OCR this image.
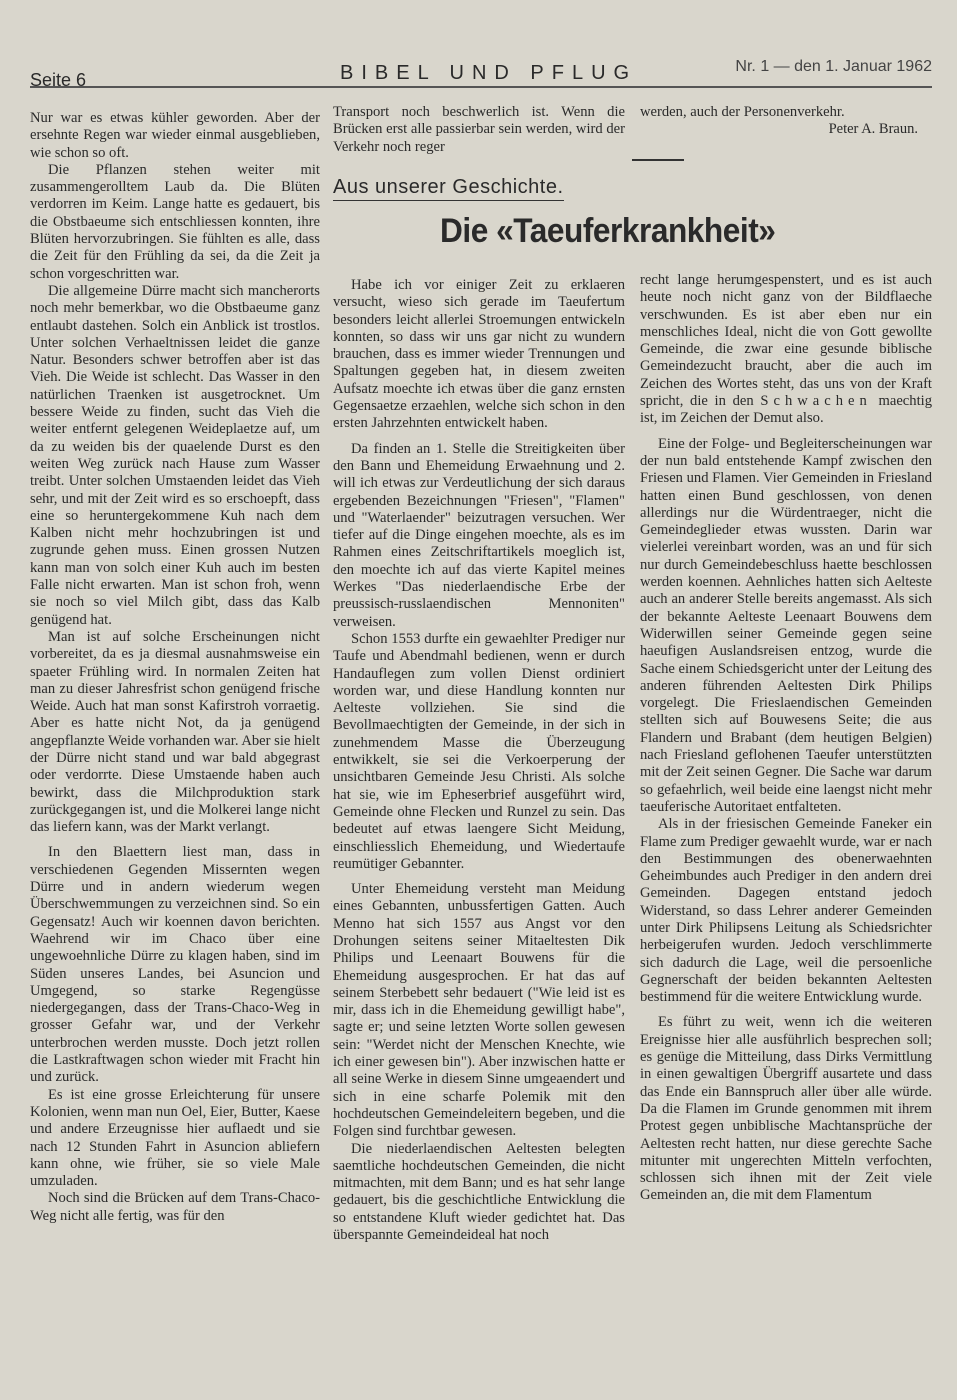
Seite 6	BIBEL UND PFLUG	Nr. 1 — den 1. Januar 1962

Nur war es etwas kühler geworden. Aber der ersehnte Regen war wieder einmal ausgeblieben, wie schon so oft.

Die Pflanzen stehen weiter mit zusammengerolltem Laub da. Die Blüten verdorren im Keim. Lange hatte es gedauert, bis die Obstbaeume sich entschliessen konnten, ihre Blüten hervorzubringen. Sie fühlten es alle, dass die Zeit für den Frühling da sei, da die Zeit ja schon vorgeschritten war.

Die allgemeine Dürre macht sich mancherorts noch mehr bemerkbar, wo die Obstbaeume ganz entlaubt dastehen. Solch ein Anblick ist trostlos. Unter solchen Verhaeltnissen leidet die ganze Natur. Besonders schwer betroffen aber ist das Vieh. Die Weide ist schlecht. Das Wasser in den natürlichen Traenken ist ausgetrocknet. Um bessere Weide zu finden, sucht das Vieh die weiter entfernt gelegenen Weideplaetze auf, um da zu weiden bis der quaelende Durst es den weiten Weg zurück nach Hause zum Wasser treibt. Unter solchen Umstaenden leidet das Vieh sehr, und mit der Zeit wird es so erschoepft, dass eine so heruntergekommene Kuh nach dem Kalben nicht mehr hochzubringen ist und zugrunde gehen muss. Einen grossen Nutzen kann man von solch einer Kuh auch im besten Falle nicht erwarten. Man ist schon froh, wenn sie noch so viel Milch gibt, dass das Kalb genügend hat.

Man ist auf solche Erscheinungen nicht vorbereitet, da es ja diesmal ausnahmsweise ein spaeter Frühling wird. In normalen Zeiten hat man zu dieser Jahresfrist schon genügend frische Weide. Auch hat man sonst Kafirstroh vorraetig. Aber es hatte nicht Not, da ja genügend angepflanzte Weide vorhanden war. Aber sie hielt der Dürre nicht stand und war bald abgegrast oder verdorrte. Diese Umstaende haben auch bewirkt, dass die Milchproduktion stark zurückgegangen ist, und die Molkerei lange nicht das liefern kann, was der Markt verlangt.

In den Blaettern liest man, dass in verschiedenen Gegenden Missernten wegen Dürre und in andern wiederum wegen Überschwemmungen zu verzeichnen sind. So ein Gegensatz! Auch wir koennen davon berichten. Waehrend wir im Chaco über eine ungewoehnliche Dürre zu klagen haben, sind im Süden unseres Landes, bei Asuncion und Umgegend, so starke Regengüsse niedergegangen, dass der Trans-Chaco-Weg in grosser Gefahr war, und der Verkehr unterbrochen werden musste. Doch jetzt rollen die Lastkraftwagen schon wieder mit Fracht hin und zurück.

Es ist eine grosse Erleichterung für unsere Kolonien, wenn man nun Oel, Eier, Butter, Kaese und andere Erzeugnisse hier auflaedt und sie nach 12 Stunden Fahrt in Asuncion abliefern kann ohne, wie früher, sie so viele Male umzuladen.

Noch sind die Brücken auf dem Trans-Chaco-Weg nicht alle fertig, was für den

Transport noch beschwerlich ist. Wenn die Brücken erst alle passierbar sein werden, wird der Verkehr noch reger

werden, auch der Personenverkehr.

Peter A. Braun.

Aus unserer Geschichte.
Die «Taeuferkrankheit»

Habe ich vor einiger Zeit zu erklaeren versucht, wieso sich gerade im Taeufertum besonders leicht allerlei Stroemungen entwickeln konnten, so dass wir uns gar nicht zu wundern brauchen, dass es immer wieder Trennungen und Spaltungen gegeben hat, in diesem zweiten Aufsatz moechte ich etwas über die ganz ernsten Gegensaetze erzaehlen, welche sich schon in den ersten Jahrzehnten entwickelt haben.

Da finden an 1. Stelle die Streitigkeiten über den Bann und Ehemeidung Erwaehnung und 2. will ich etwas zur Verdeutlichung der sich daraus ergebenden Bezeichnungen "Friesen", "Flamen" und "Waterlaender" beizutragen versuchen. Wer tiefer auf die Dinge eingehen moechte, als es im Rahmen eines Zeitschriftartikels moeglich ist, den moechte ich auf das vierte Kapitel meines Werkes "Das niederlaendische Erbe der preussisch-russlaendischen Mennoniten" verweisen.

Schon 1553 durfte ein gewaehlter Prediger nur Taufe und Abendmahl bedienen, wenn er durch Handauflegen zum vollen Dienst ordiniert worden war, und diese Handlung konnten nur Aelteste vollziehen. Sie sind die Bevollmaechtigten der Gemeinde, in der sich in zunehmendem Masse die Überzeugung entwikkelt, sie sei die Verkoerperung der unsichtbaren Gemeinde Jesu Christi. Als solche hat sie, wie im Epheserbrief ausgeführt wird, Gemeinde ohne Flecken und Runzel zu sein. Das bedeutet auf etwas laengere Sicht Meidung, einschliesslich Ehemeidung, und Wiedertaufe reumütiger Gebannter.

Unter Ehemeidung versteht man Meidung eines Gebannten, unbussfertigen Gatten. Auch Menno hat sich 1557 aus Angst vor den Drohungen seitens seiner Mitaeltesten Dik Philips und Leenaart Bouwens für die Ehemeidung ausgesprochen. Er hat das auf seinem Sterbebett sehr bedauert ("Wie leid ist es mir, dass ich in die Ehemeidung gewilligt habe", sagte er; und seine letzten Worte sollen gewesen sein: "Werdet nicht der Menschen Knechte, wie ich einer gewesen bin"). Aber inzwischen hatte er all seine Werke in diesem Sinne umgeaendert und sich in eine scharfe Polemik mit den hochdeutschen Gemeindeleitern begeben, und die Folgen sind furchtbar gewesen.

Die niederlaendischen Aeltesten belegten saemtliche hochdeutschen Gemeinden, die nicht mitmachten, mit dem Bann; und es hat sehr lange gedauert, bis die geschichtliche Entwicklung die so entstandene Kluft wieder gedichtet hat. Das überspannte Gemeindeideal hat noch

recht lange herumgespenstert, und es ist auch heute noch nicht ganz von der Bildflaeche verschwunden. Es ist aber eben nur ein menschliches Ideal, nicht die von Gott gewollte Gemeinde, die zwar eine gesunde biblische Gemeindezucht braucht, aber die auch im Zeichen des Wortes steht, das uns von der Kraft spricht, die in den Schwachen maechtig ist, im Zeichen der Demut also.

Eine der Folge- und Begleiterscheinungen war der nun bald entstehende Kampf zwischen den Friesen und Flamen. Vier Gemeinden in Friesland hatten einen Bund geschlossen, von denen allerdings nur die Würdentraeger, nicht die Gemeindeglieder etwas wussten. Darin war vielerlei vereinbart worden, was an und für sich nur durch Gemeindebeschluss haette beschlossen werden koennen. Aehnliches hatten sich Aelteste auch an anderer Stelle bereits angemasst. Als sich der bekannte Aelteste Leenaart Bouwens dem Widerwillen seiner Gemeinde gegen seine haeufigen Auslandsreisen entzog, wurde die Sache einem Schiedsgericht unter der Leitung des anderen führenden Aeltesten Dirk Philips vorgelegt. Die Frieslaendischen Gemeinden stellten sich auf Bouwesens Seite; die aus Flandern und Brabant (dem heutigen Belgien) nach Friesland geflohenen Taeufer unterstützten mit der Zeit seinen Gegner. Die Sache war darum so gefaehrlich, weil beide eine laengst nicht mehr taeuferische Autoritaet entfalteten.

Als in der friesischen Gemeinde Faneker ein Flame zum Prediger gewaehlt wurde, war er nach den Bestimmungen des obenerwaehnten Geheimbundes auch Prediger in den andern drei Gemeinden. Dagegen entstand jedoch Widerstand, so dass Lehrer anderer Gemeinden unter Dirk Philipsens Leitung als Schiedsrichter herbeigerufen wurden. Jedoch verschlimmerte sich dadurch die Lage, weil die persoenliche Gegnerschaft der beiden bekannten Aeltesten bestimmend für die weitere Entwicklung wurde.

Es führt zu weit, wenn ich die weiteren Ereignisse hier alle ausführlich besprechen soll; es genüge die Mitteilung, dass Dirks Vermittlung in einen gewaltigen Übergriff ausartete und dass das Ende ein Bannspruch aller über alle würde. Da die Flamen im Grunde genommen mit ihrem Protest gegen unbiblische Machtansprüche der Aeltesten recht hatten, nur diese gerechte Sache mitunter mit ungerechten Mitteln verfochten, schlossen sich ihnen mit der Zeit viele Gemeinden an, die mit dem Flamentum
